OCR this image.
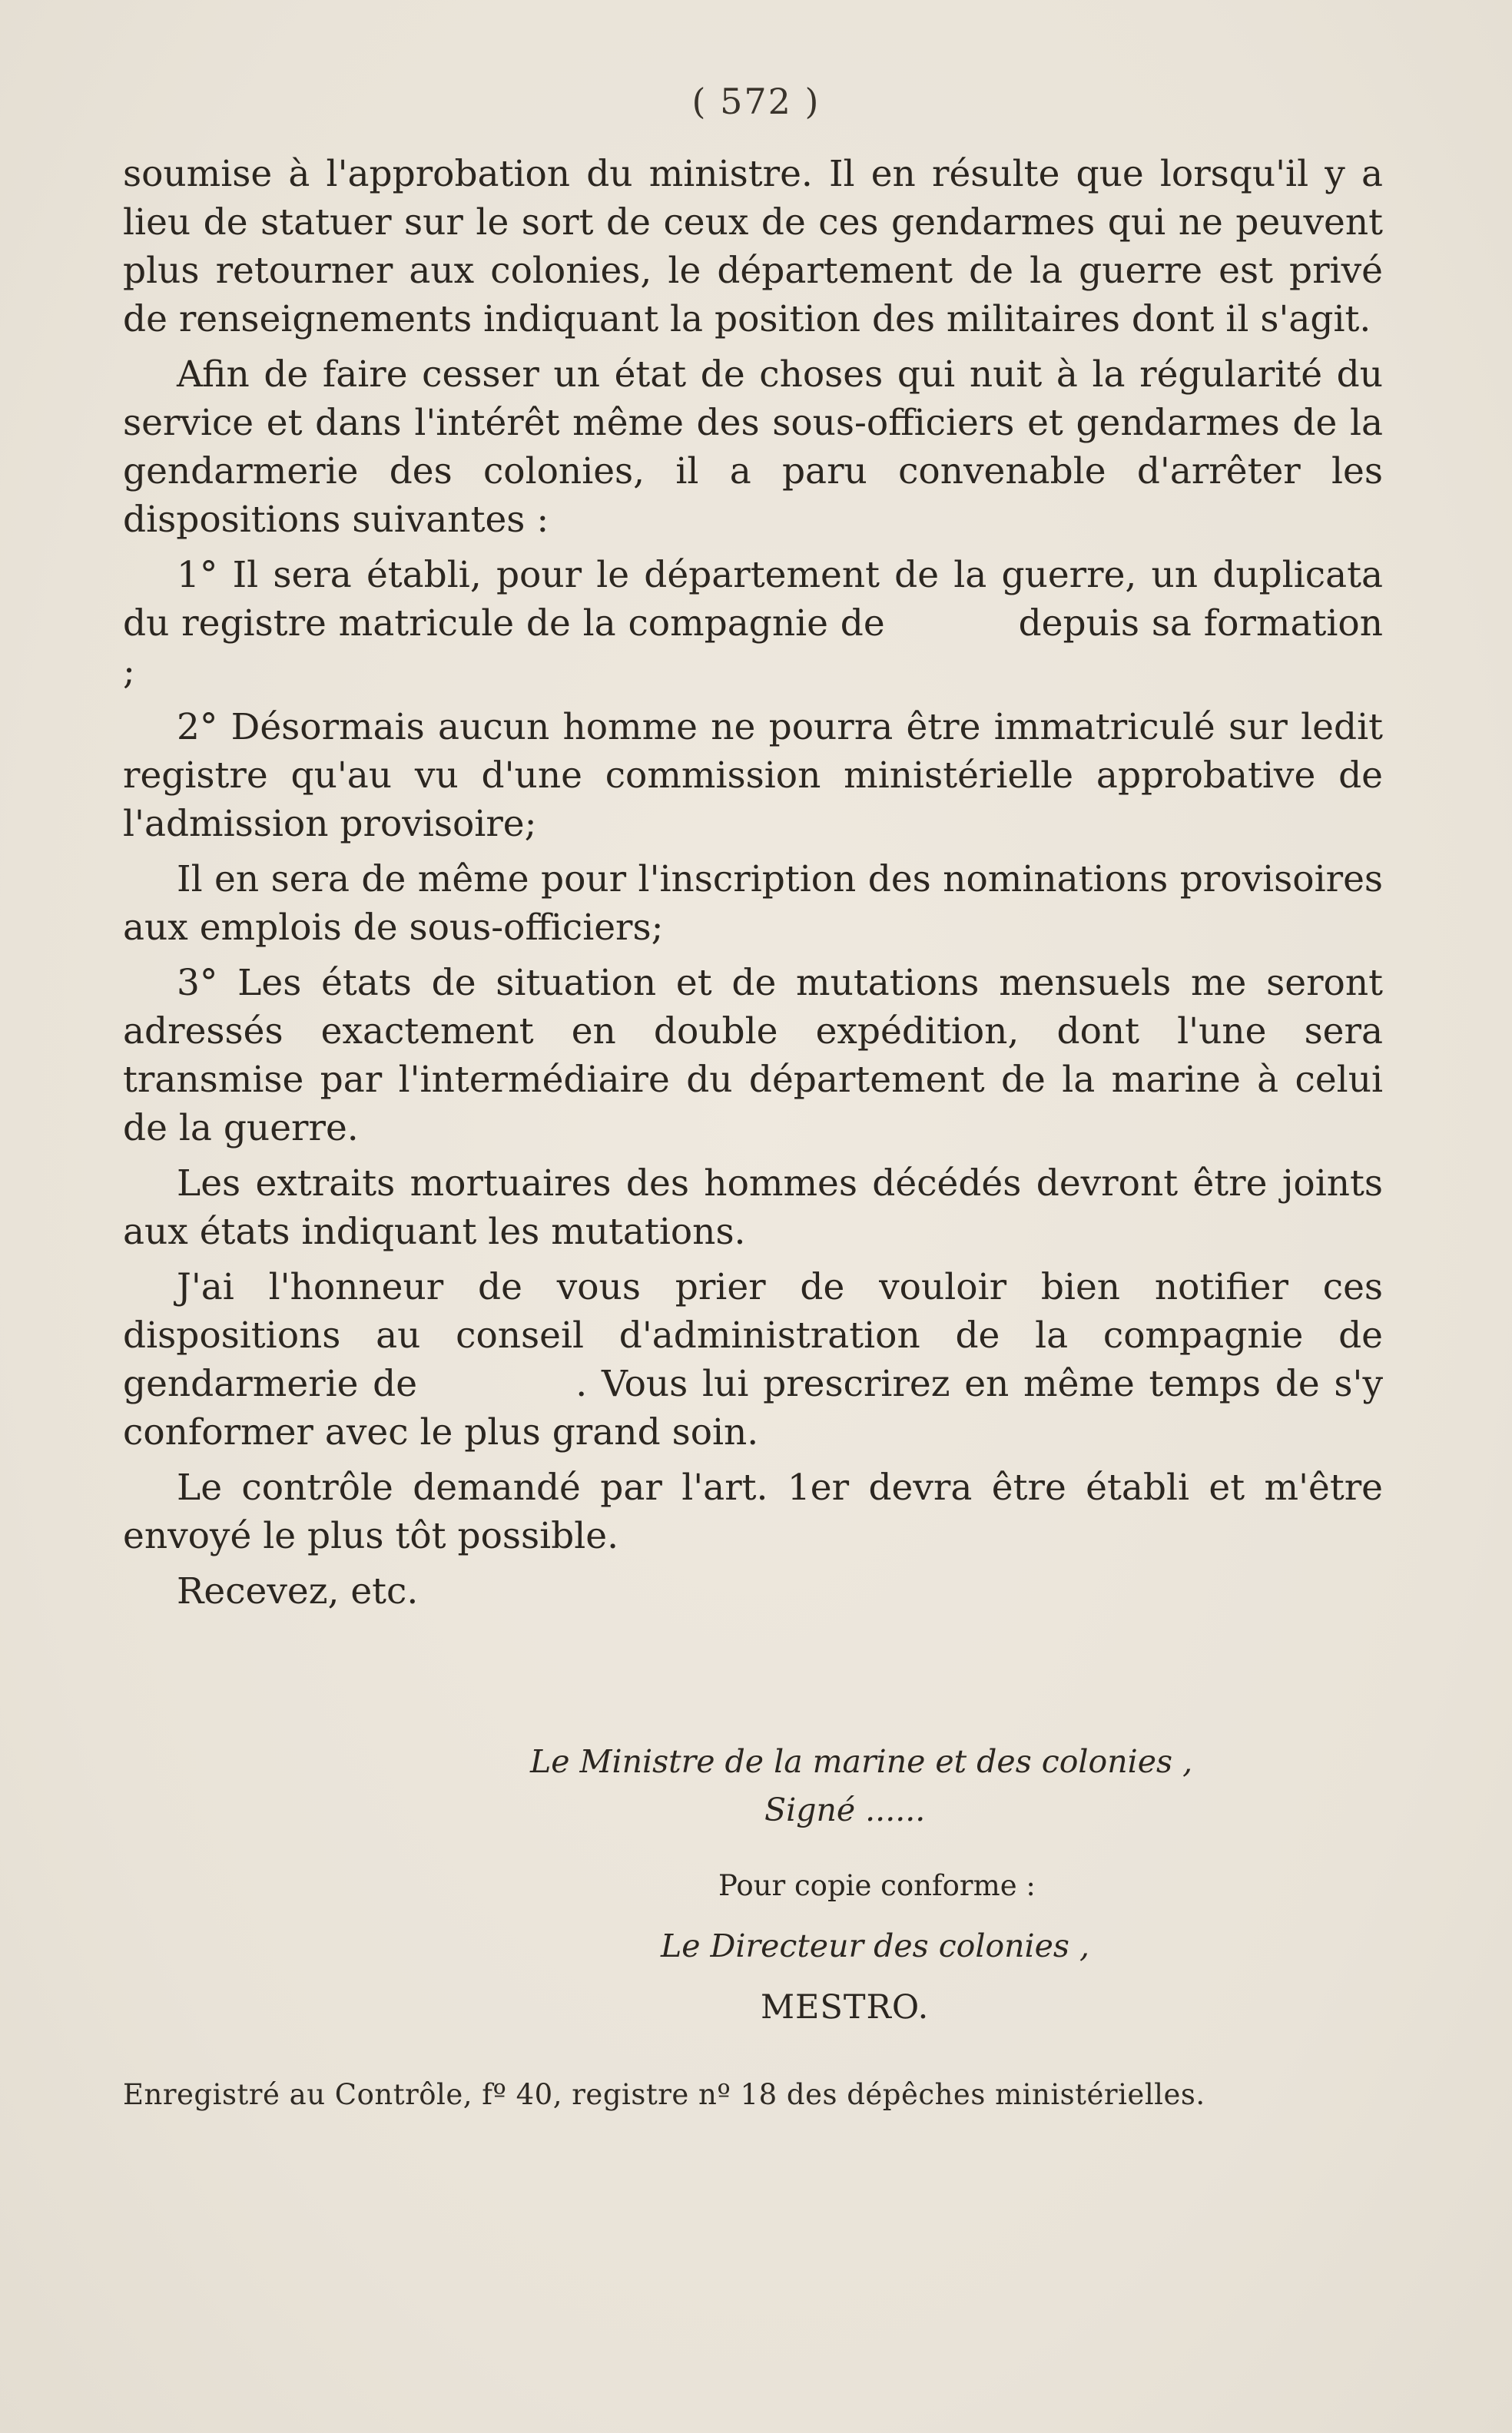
( 572 )

soumise à l'approbation du ministre. Il en résulte que lorsqu'il y a lieu de statuer sur le sort de ceux de ces gendarmes qui ne peuvent plus retourner aux colonies, le département de la guerre est privé de renseignements indiquant la position des militaires dont il s'agit.

Afin de faire cesser un état de choses qui nuit à la régularité du service et dans l'intérêt même des sous-officiers et gendarmes de la gendarmerie des colonies, il a paru convenable d'arrêter les dispositions suivantes :

1° Il sera établi, pour le département de la guerre, un duplicata du registre matricule de la compagnie de           depuis sa formation ;

2° Désormais aucun homme ne pourra être immatriculé sur ledit registre qu'au vu d'une commission ministérielle approbative de l'admission provisoire;

Il en sera de même pour l'inscription des nominations provisoires aux emplois de sous-officiers;

3° Les états de situation et de mutations mensuels me seront adressés exactement en double expédition, dont l'une sera transmise par l'intermédiaire du département de la marine à celui de la guerre.

Les extraits mortuaires des hommes décédés devront être joints aux états indiquant les mutations.

J'ai l'honneur de vous prier de vouloir bien notifier ces dispositions au conseil d'administration de la compagnie de gendarmerie de           . Vous lui prescrirez en même temps de s'y conformer avec le plus grand soin.

Le contrôle demandé par l'art. 1er devra être établi et m'être envoyé le plus tôt possible.

Recevez, etc.

Le Ministre de la marine et des colonies ,
Signé ......
Pour copie conforme :
Le Directeur des colonies ,
MESTRO.
Enregistré au Contrôle, fº 40, registre nº 18 des dépêches ministérielles.
